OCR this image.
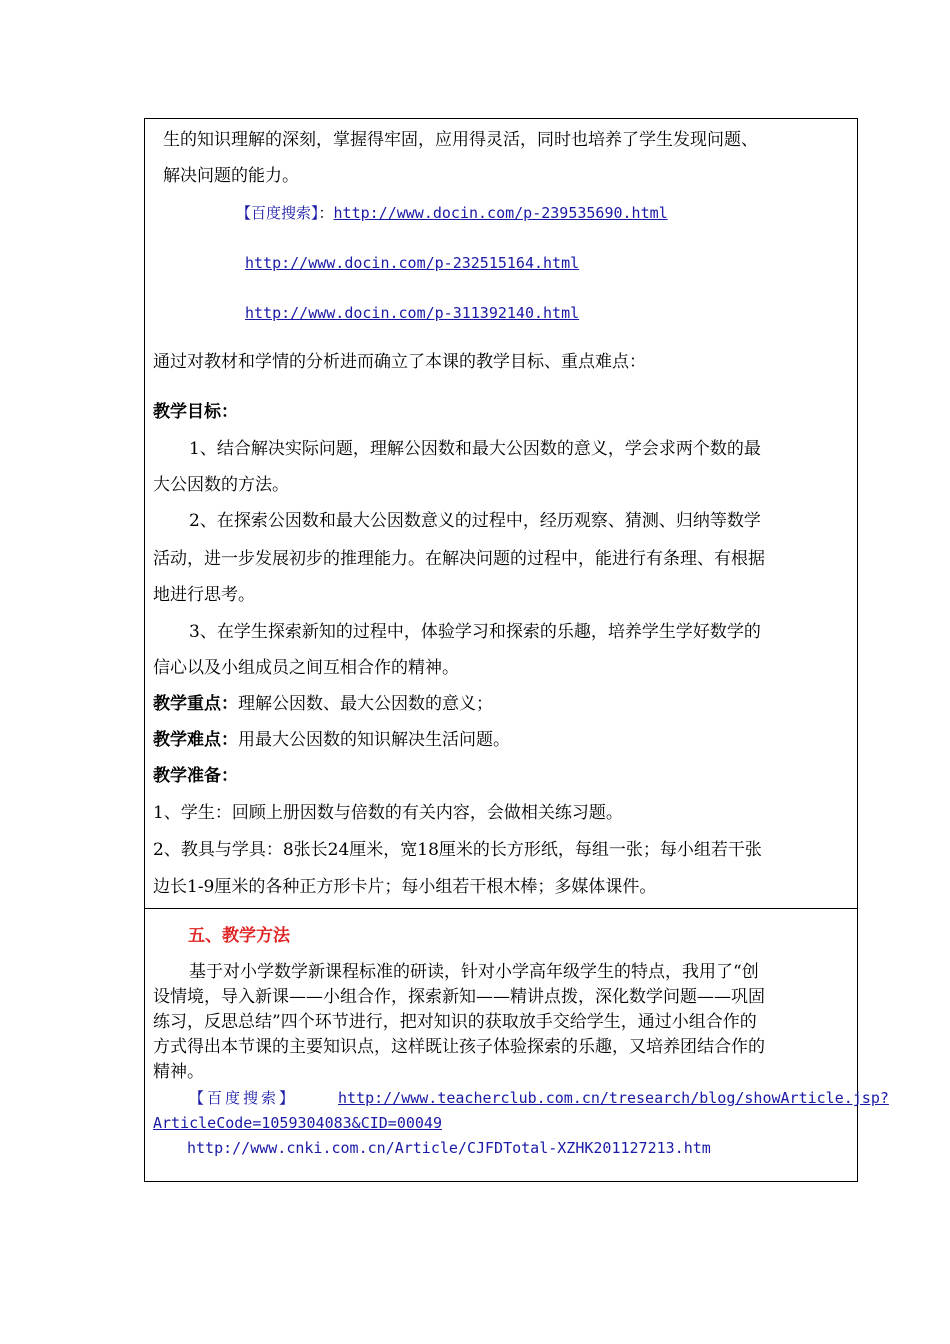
生的知识理解的深刻，掌握得牢固，应用得灵活，同时也培养了学生发现问题、
解决问题的能力。
【百度搜索】：http://www.docin.com/p-239535690.html
http://www.docin.com/p-232515164.html
http://www.docin.com/p-311392140.html
通过对教材和学情的分析进而确立了本课的教学目标、重点难点：
教学目标：
1、结合解决实际问题，理解公因数和最大公因数的意义，学会求两个数的最
大公因数的方法。
2、在探索公因数和最大公因数意义的过程中，经历观察、猜测、归纳等数学
活动，进一步发展初步的推理能力。在解决问题的过程中，能进行有条理、有根据
地进行思考。
3、在学生探索新知的过程中，体验学习和探索的乐趣，培养学生学好数学的
信心以及小组成员之间互相合作的精神。
教学重点：理解公因数、最大公因数的意义；
教学难点：用最大公因数的知识解决生活问题。
教学准备：
1、学生：回顾上册因数与倍数的有关内容，会做相关练习题。
2、教具与学具：8张长24厘米，宽18厘米的长方形纸，每组一张；每小组若干张
边长1-9厘米的各种正方形卡片；每小组若干根木棒；多媒体课件。
五、教学方法
基于对小学数学新课程标准的研读，针对小学高年级学生的特点，我用了“创
设情境，导入新课——小组合作，探索新知——精讲点拨，深化数学问题——巩固
练习，反思总结”四个环节进行，把对知识的获取放手交给学生，通过小组合作的
方式得出本节课的主要知识点，这样既让孩子体验探索的乐趣，又培养团结合作的
精神。
【百度搜索】	http://www.teacherclub.com.cn/tresearch/blog/showArticle.jsp?
ArticleCode=1059304083&CID=00049
http://www.cnki.com.cn/Article/CJFDTotal-XZHK201127213.htm
